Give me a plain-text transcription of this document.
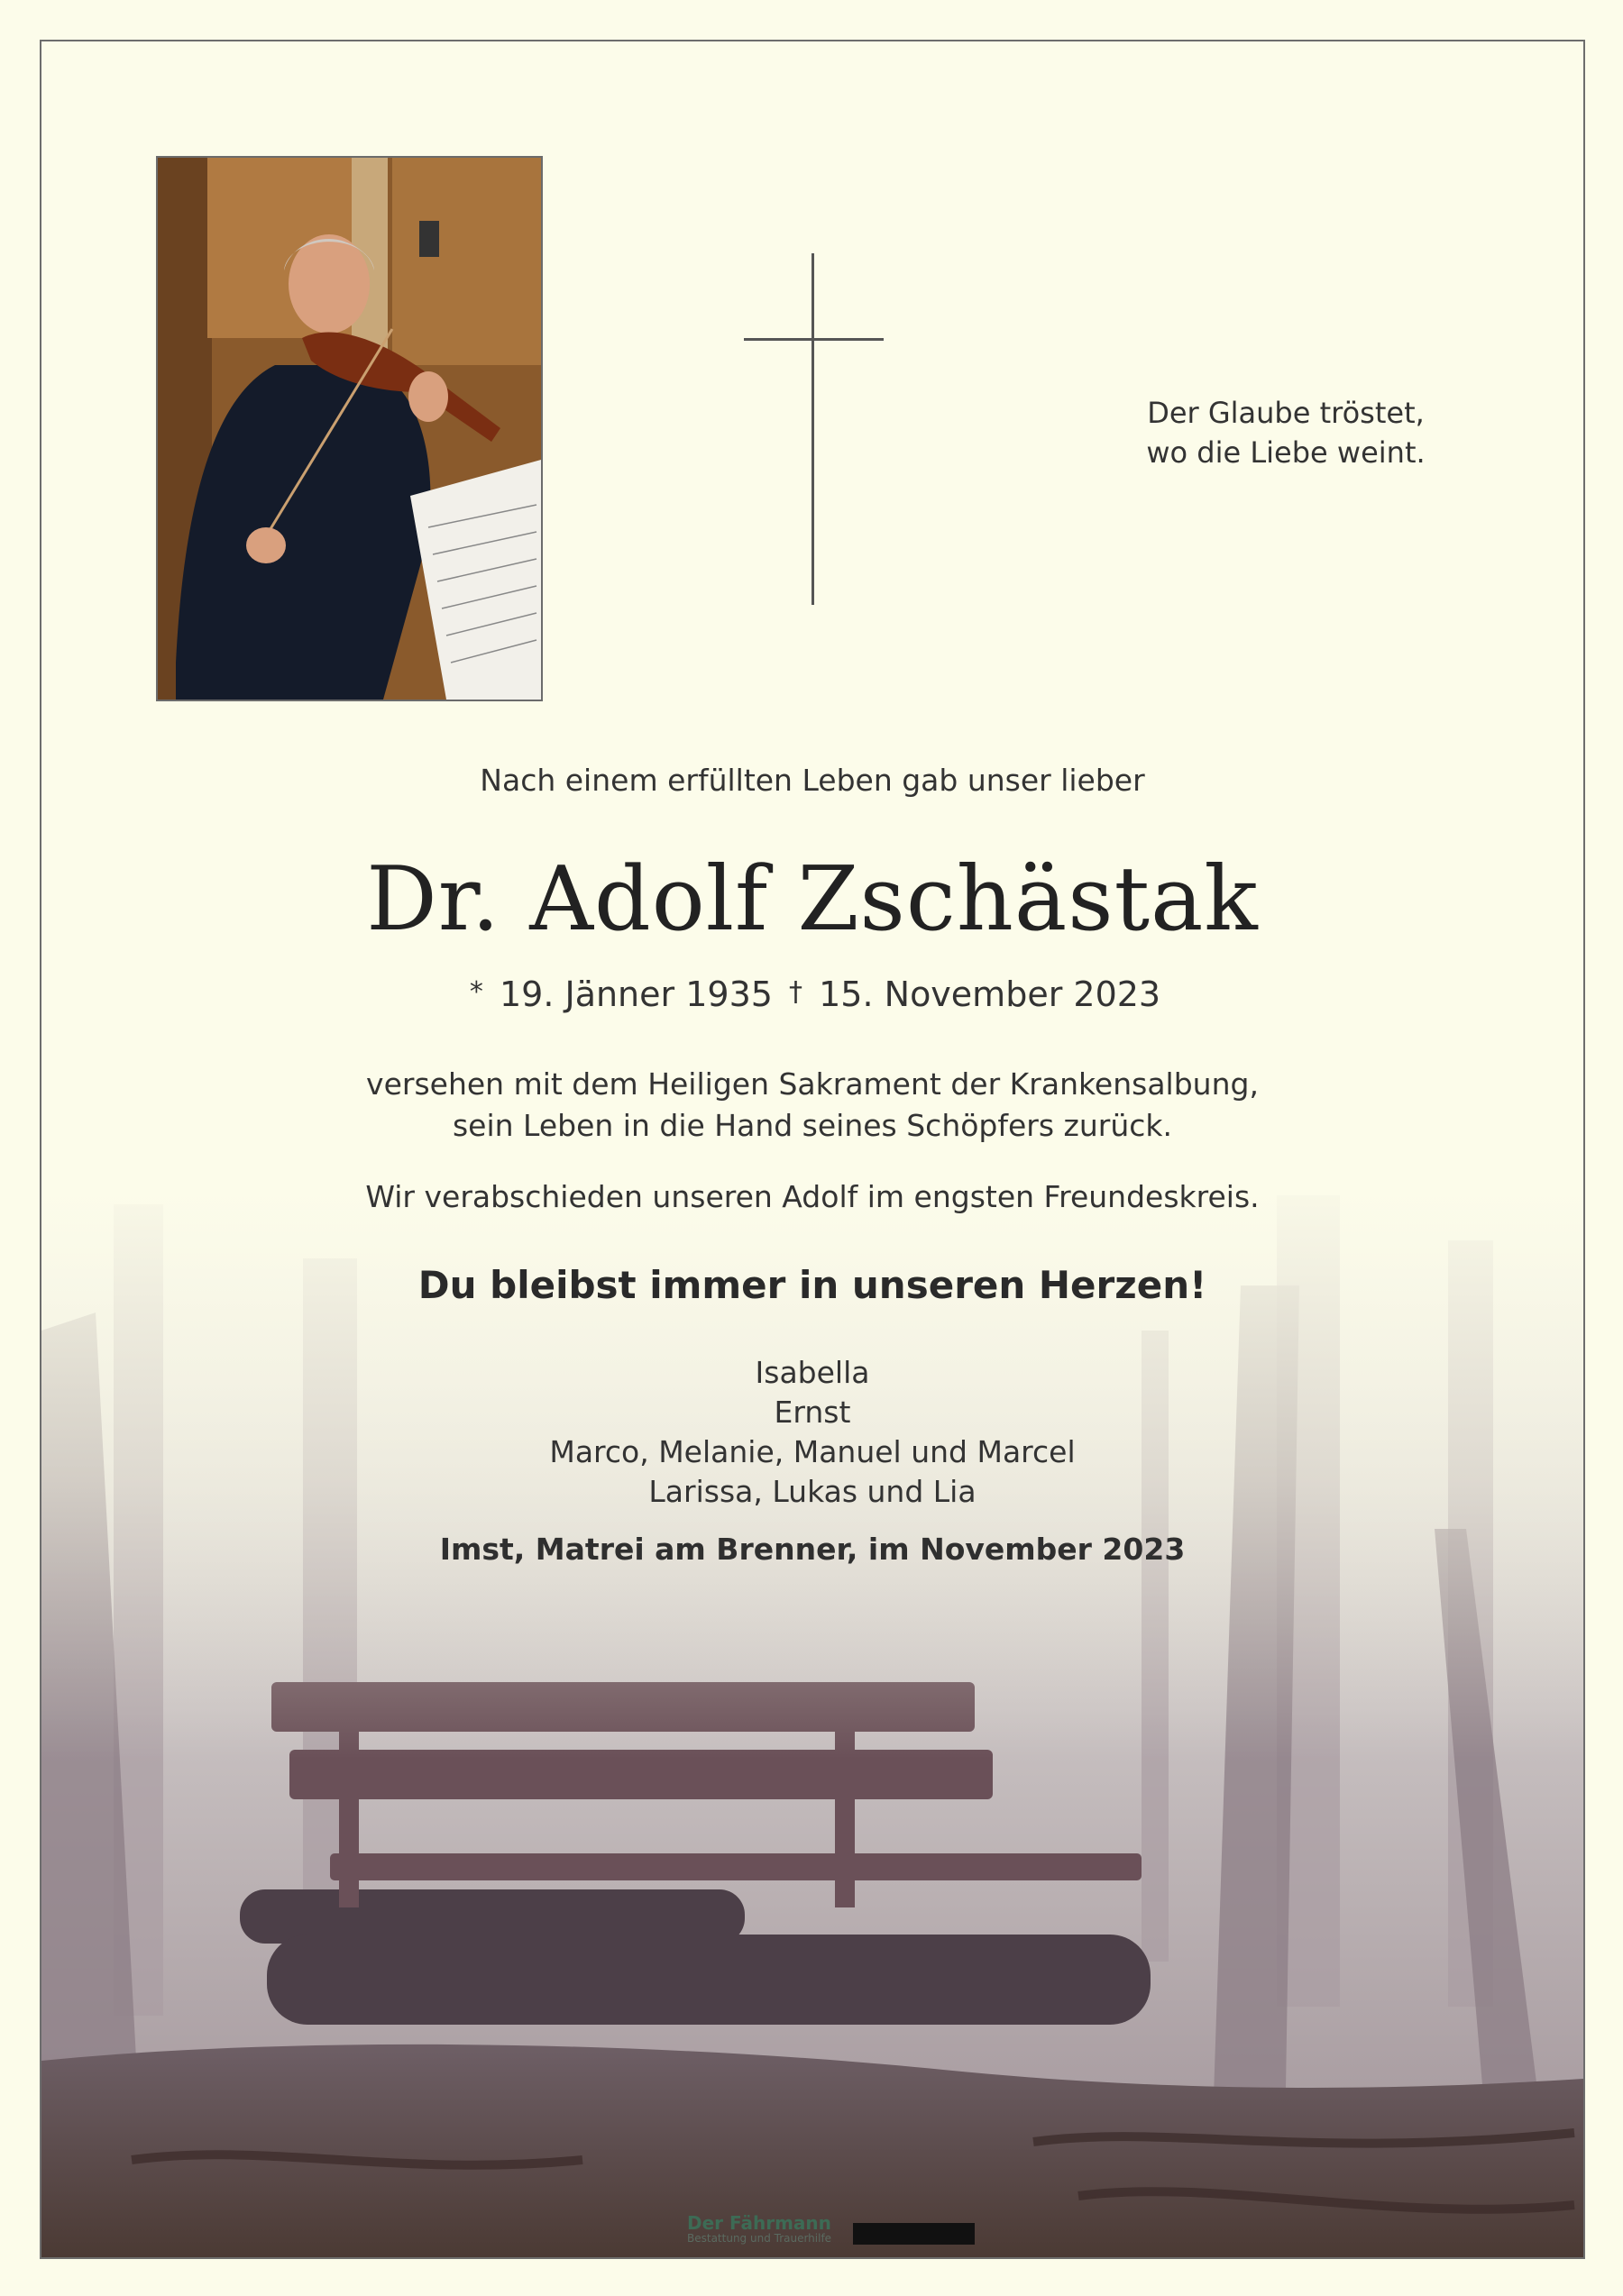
Der Glaube tröstet,
wo die Liebe weint.
Nach einem erfüllten Leben gab unser lieber
Dr. Adolf Zschästak
* 19. Jänner 1935 † 15. November 2023
versehen mit dem Heiligen Sakrament der Krankensalbung,
sein Leben in die Hand seines Schöpfers zurück.
Wir verabschieden unseren Adolf im engsten Freundeskreis.
Du bleibst immer in unseren Herzen!
Isabella
Ernst
Marco, Melanie, Manuel und Marcel
Larissa, Lukas und Lia
Imst, Matrei am Brenner, im November 2023
Der Fährmann
Bestattung und Trauerhilfe
